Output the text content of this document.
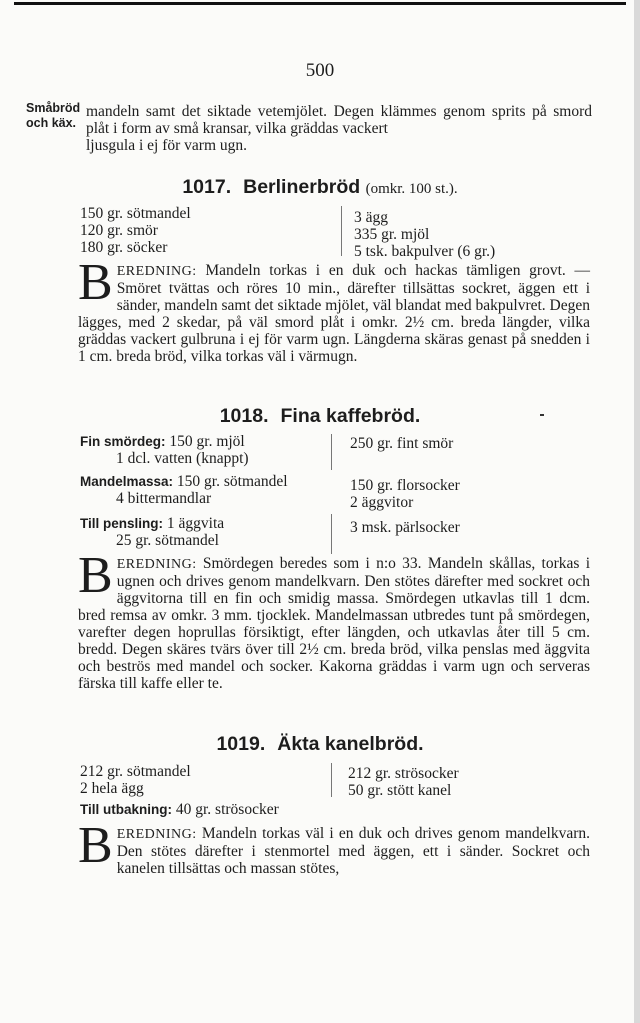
500
Småbröd
och käx.
mandeln samt det siktade vetemjölet. Degen klämmes genom sprits på smord plåt i form av små kransar, vilka gräddas vackert
ljusgula i ej för varm ugn.
1017. Berlinerbröd (omkr. 100 st.).
150 gr. sötmandel
120 gr. smör
180 gr. söcker
3 ägg
335 gr. mjöl
5 tsk. bakpulver (6 gr.)
BEREDNING: Mandeln torkas i en duk och hackas tämligen grovt. — Smöret tvättas och röres 10 min., därefter tillsättas sockret, äggen ett i sänder, mandeln samt det siktade mjölet, väl blandat med bakpulvret. Degen lägges, med 2 skedar, på väl smord plåt i omkr. 2½ cm. breda längder, vilka gräddas vackert gulbruna i ej för varm ugn. Längderna skäras genast på snedden i 1 cm. breda bröd, vilka torkas väl i värmugn.
1018. Fina kaffebröd.
Fin smördeg: 150 gr. mjöl
1 dcl. vatten (knappt)
250 gr. fint smör
Mandelmassa: 150 gr. sötmandel
4 bittermandlar
150 gr. florsocker
2 äggvitor
Till pensling: 1 äggvita
25 gr. sötmandel
3 msk. pärlsocker
BEREDNING: Smördegen beredes som i n:o 33. Mandeln skållas, torkas i ugnen och drives genom mandelkvarn. Den stötes därefter med sockret och äggvitorna till en fin och smidig massa. Smördegen utkavlas till 1 dcm. bred remsa av omkr. 3 mm. tjocklek. Mandelmassan utbredes tunt på smördegen, varefter degen hoprullas försiktigt, efter längden, och utkavlas åter till 5 cm. bredd. Degen skäres tvärs över till 2½ cm. breda bröd, vilka penslas med äggvita och beströs med mandel och socker. Kakorna gräddas i varm ugn och serveras färska till kaffe eller te.
1019. Äkta kanelbröd.
212 gr. sötmandel
2 hela ägg
212 gr. strösocker
50 gr. stött kanel
Till utbakning: 40 gr. strösocker
BEREDNING: Mandeln torkas väl i en duk och drives genom mandelkvarn. Den stötes därefter i stenmortel med äggen, ett i sänder. Sockret och kanelen tillsättas och massan stötes,
